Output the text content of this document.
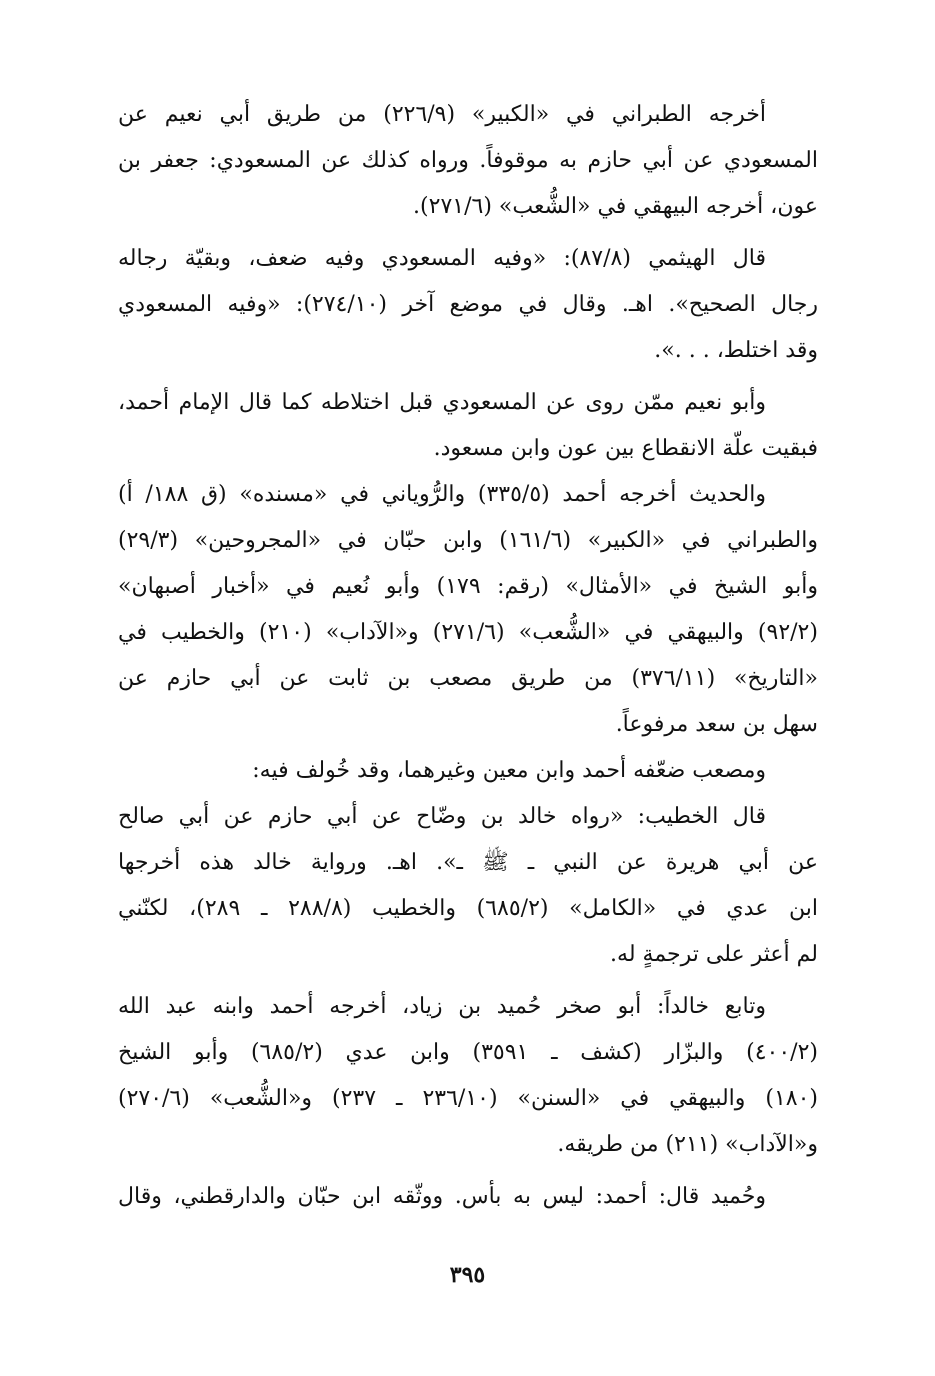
أخرجه الطبراني في «الكبير» (٢٢٦/٩) من طريق أبي نعيم عن
المسعودي عن أبي حازم به موقوفاً. ورواه كذلك عن المسعودي: جعفر بن
عون، أخرجه البيهقي في «الشُّعب» (٢٧١/٦).
قال الهيثمي (٨٧/٨): «وفيه المسعودي وفيه ضعف، وبقيّة رجاله
رجال الصحيح». اهـ. وقال في موضع آخر (٢٧٤/١٠): «وفيه المسعودي
وقد اختلط، . . .».
وأبو نعيم ممّن روى عن المسعودي قبل اختلاطه كما قال الإمام أحمد،
فبقيت علّة الانقطاع بين عون وابن مسعود.
والحديث أخرجه أحمد (٣٣٥/٥) والرُّوياني في «مسنده» (ق ١٨٨/ أ)
والطبراني في «الكبير» (١٦١/٦) وابن حبّان في «المجروحين» (٢٩/٣)
وأبو الشيخ في «الأمثال» (رقم: ١٧٩) وأبو نُعيم في «أخبار أصبهان»
(٩٢/٢) والبيهقي في «الشُّعب» (٢٧١/٦) و«الآداب» (٢١٠) والخطيب في
«التاريخ» (٣٧٦/١١) من طريق مصعب بن ثابت عن أبي حازم عن
سهل بن سعد مرفوعاً.
ومصعب ضعّفه أحمد وابن معين وغيرهما، وقد خُولف فيه:
قال الخطيب: «رواه خالد بن وضّاح عن أبي حازم عن أبي صالح
عن أبي هريرة عن النبي ـ ﷺ ـ». اهـ. ورواية خالد هذه أخرجها
ابن عدي في «الكامل» (٦٨٥/٢) والخطيب (٢٨٨/٨ ـ ٢٨٩)، لكنّني
لم أعثر على ترجمةٍ له.
وتابع خالداً: أبو صخر حُميد بن زياد، أخرجه أحمد وابنه عبد الله
(٤٠٠/٢) والبزّار (كشف ـ ٣٥٩١) وابن عدي (٦٨٥/٢) وأبو الشيخ
(١٨٠) والبيهقي في «السنن» (٢٣٦/١٠ ـ ٢٣٧) و«الشُّعب» (٢٧٠/٦)
و«الآداب» (٢١١) من طريقه.
وحُميد قال: أحمد: ليس به بأس. ووثّقه ابن حبّان والدارقطني، وقال
٣٩٥
